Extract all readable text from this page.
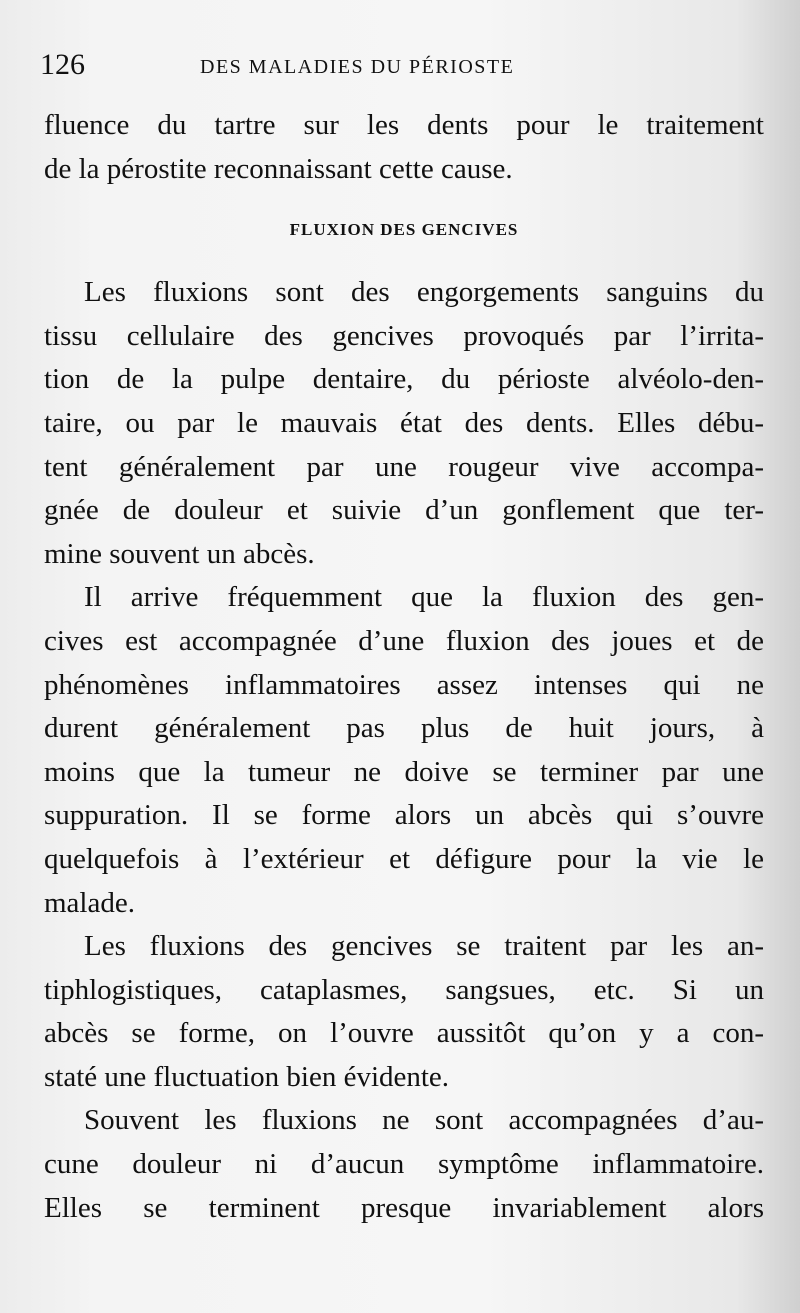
126	DES MALADIES DU PÉRIOSTE

fluence du tartre sur les dents pour le traitement
de la pérostite reconnaissant cette cause.

FLUXION DES GENCIVES

Les fluxions sont des engorgements sanguins du
tissu cellulaire des gencives provoqués par l’irrita-
tion de la pulpe dentaire, du périoste alvéolo-den-
taire, ou par le mauvais état des dents. Elles débu-
tent généralement par une rougeur vive accompa-
gnée de douleur et suivie d’un gonflement que ter-
mine souvent un abcès.

Il arrive fréquemment que la fluxion des gen-
cives est accompagnée d’une fluxion des joues et de
phénomènes inflammatoires assez intenses qui ne
durent généralement pas plus de huit jours, à
moins que la tumeur ne doive se terminer par une
suppuration. Il se forme alors un abcès qui s’ouvre
quelquefois à l’extérieur et défigure pour la vie le
malade.

Les fluxions des gencives se traitent par les an-
tiphlogistiques, cataplasmes, sangsues, etc. Si un
abcès se forme, on l’ouvre aussitôt qu’on y a con-
staté une fluctuation bien évidente.

Souvent les fluxions ne sont accompagnées d’au-
cune douleur ni d’aucun symptôme inflammatoire.
Elles se terminent presque invariablement alors
